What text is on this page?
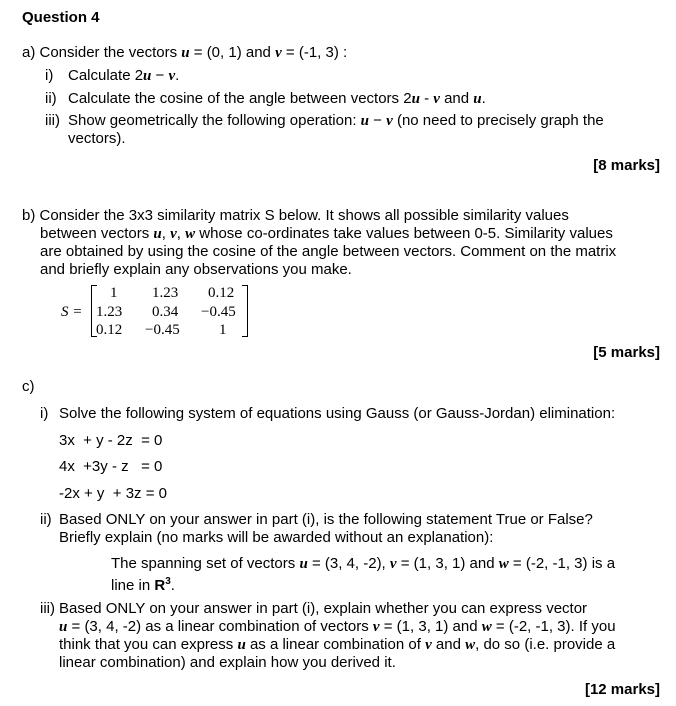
Question 4
a) Consider the vectors u = (0, 1) and v = (-1, 3) :
i) Calculate 2u − v.
ii) Calculate the cosine of the angle between vectors 2u - v and u.
iii) Show geometrically the following operation: u − v (no need to precisely graph the
vectors).
[8 marks]
b) Consider the 3x3 similarity matrix S below. It shows all possible similarity values
between vectors u, v, w whose co-ordinates take values between 0-5. Similarity values
are obtained by using the cosine of the angle between vectors. Comment on the matrix
and briefly explain any observations you make.
S =
1 1.23 0.12
1.23 0.34 −0.45
0.12 −0.45	1
[5 marks]
c)
i) Solve the following system of equations using Gauss (or Gauss-Jordan) elimination:
3x  + y - 2z  = 0
4x  +3y - z   = 0
-2x + y  + 3z = 0
ii) Based ONLY on your answer in part (i), is the following statement True or False?
Briefly explain (no marks will be awarded without an explanation):
The spanning set of vectors u = (3, 4, -2), v = (1, 3, 1) and w = (-2, -1, 3) is a
line in $R^3$.
iii) Based ONLY on your answer in part (i), explain whether you can express vector
u = (3, 4, -2) as a linear combination of vectors v = (1, 3, 1) and w = (-2, -1, 3). If you
think that you can express u as a linear combination of v and w, do so (i.e. provide a
linear combination) and explain how you derived it.
[12 marks]
